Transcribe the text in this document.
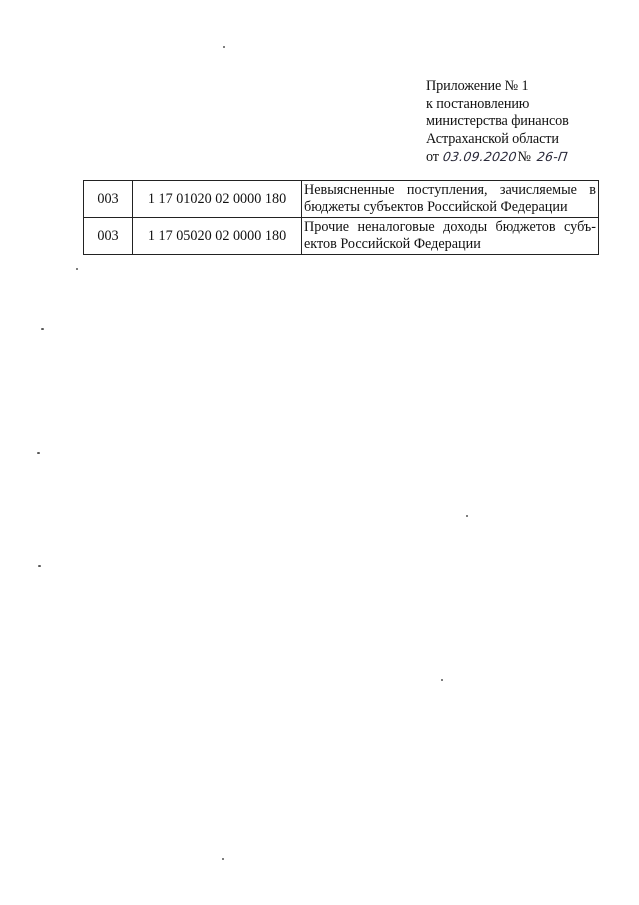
Приложение № 1
к постановлению
министерства финансов
Астраханской области
от 03.09.2020№ 26-П
003	1 17 01020 02 0000 180	Невыясненные поступления, зачисляемые в бюджеты субъектов Российской Федерации
003	1 17 05020 02 0000 180	Прочие неналоговые доходы бюджетов субъ-ектов Российской Федерации
